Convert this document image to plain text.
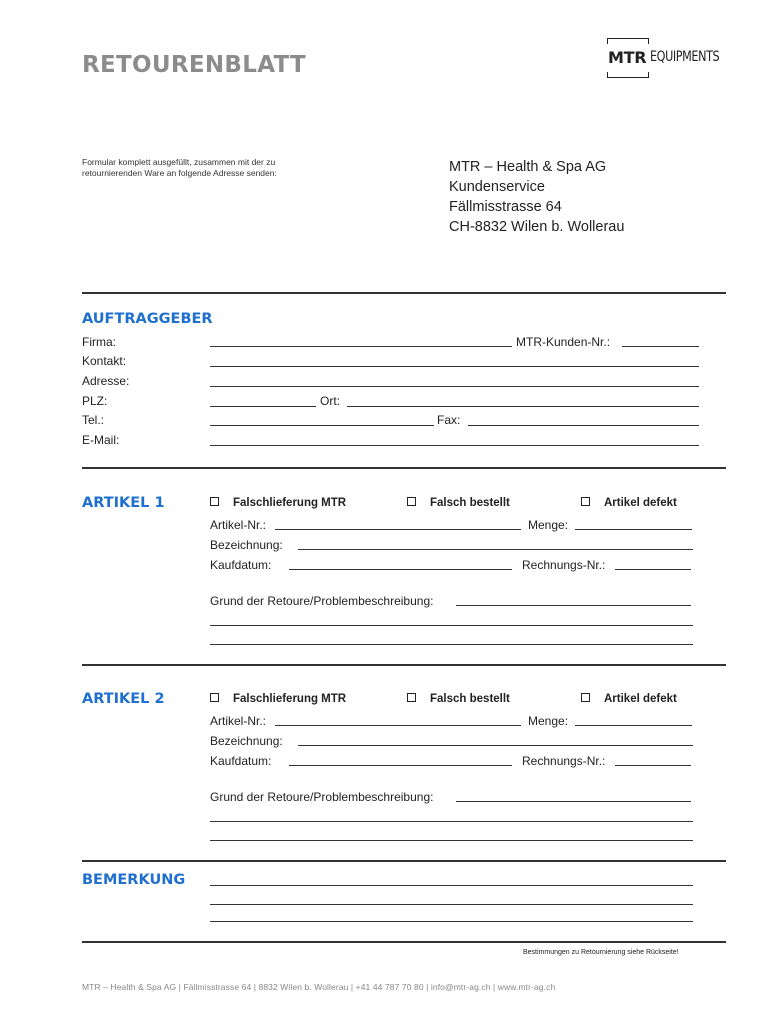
RETOURENBLATT	MTR EQUIPMENTS
Formular komplett ausgefüllt, zusammen mit der zu
retournierenden Ware an folgende Adresse senden:	MTR – Health & Spa AG
Kundenservice
Fällmisstrasse 64
CH-8832 Wilen b. Wollerau
AUFTRAGGEBER
Firma:	MTR-Kunden-Nr.:
Kontakt:
Adresse:
PLZ:	Ort:
Tel.:	Fax:
E-Mail:
ARTIKEL 1	Falschlieferung MTR	Falsch bestellt	Artikel defekt
Artikel-Nr.:	Menge:
Bezeichnung:
Kaufdatum:	Rechnungs-Nr.:
Grund der Retoure/Problembeschreibung:
ARTIKEL 2	Falschlieferung MTR	Falsch bestellt	Artikel defekt
Artikel-Nr.:	Menge:
Bezeichnung:
Kaufdatum:	Rechnungs-Nr.:
Grund der Retoure/Problembeschreibung:
BEMERKUNG
Bestimmungen zu Retournierung siehe Rückseite!
MTR – Health & Spa AG | Fällmisstrasse 64 | 8832 Wilen b. Wollerau | +41 44 787 70 80 | info@mtr-ag.ch | www.mtr-ag.ch
